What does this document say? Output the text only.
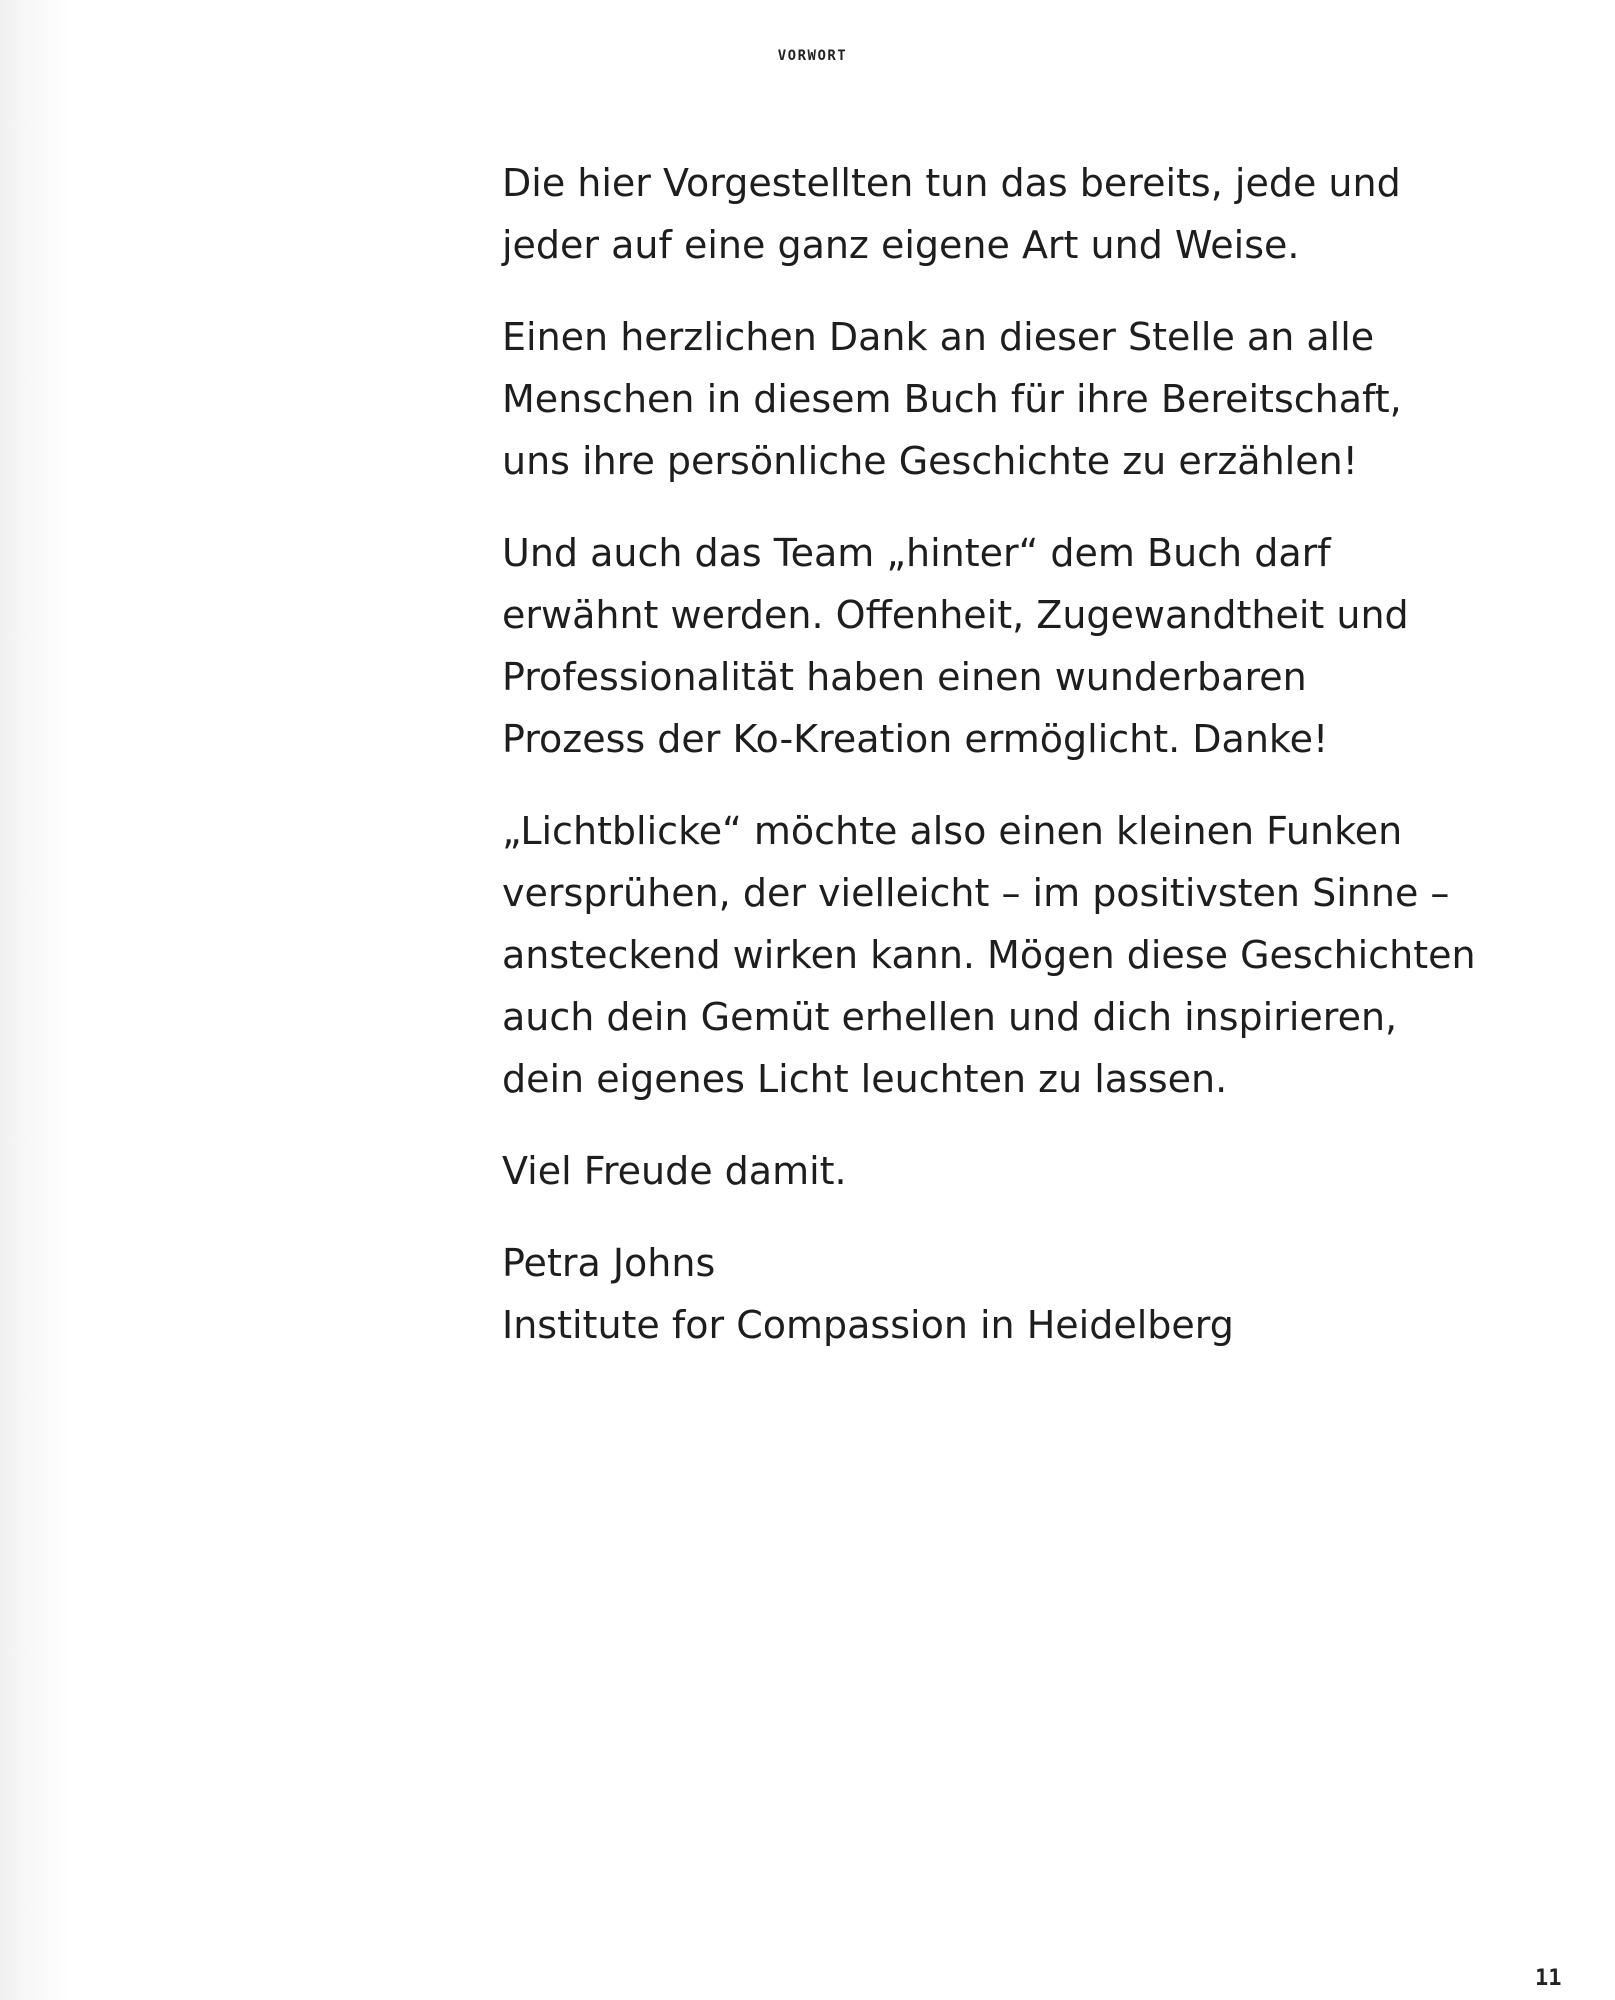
VORWORT

Die hier Vorgestellten tun das bereits, jede und
jeder auf eine ganz eigene Art und Weise.

Einen herzlichen Dank an dieser Stelle an alle
Menschen in diesem Buch für ihre Bereitschaft,
uns ihre persönliche Geschichte zu erzählen!

Und auch das Team „hinter“ dem Buch darf
erwähnt werden. Offenheit, Zugewandtheit und
Professionalität haben einen wunderbaren
Prozess der Ko-Kreation ermöglicht. Danke!

„Lichtblicke“ möchte also einen kleinen Funken
versprühen, der vielleicht – im positivsten Sinne –
ansteckend wirken kann. Mögen diese Geschichten
auch dein Gemüt erhellen und dich inspirieren,
dein eigenes Licht leuchten zu lassen.

Viel Freude damit.

Petra Johns
Institute for Compassion in Heidelberg

11
